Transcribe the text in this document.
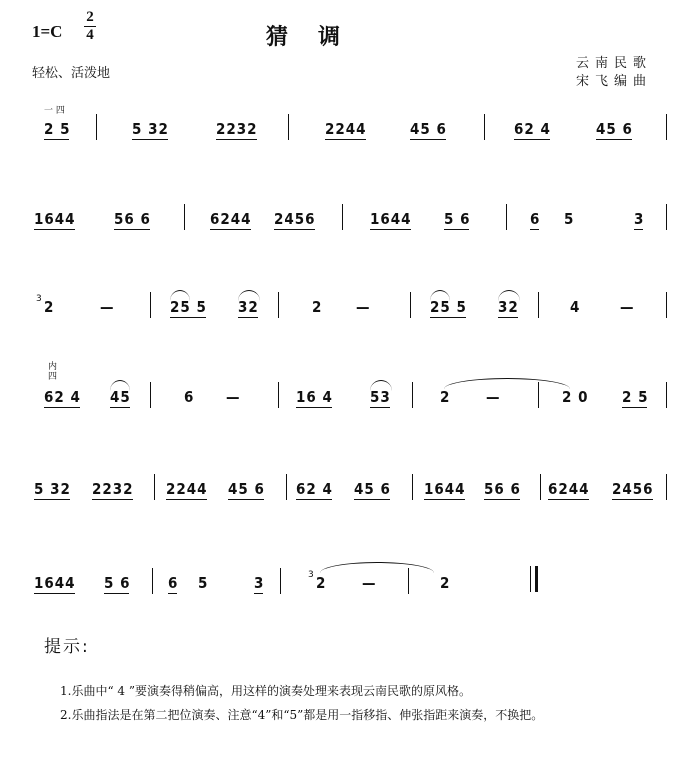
1=C
2
4	猜调
轻松、活泼地
云南民歌
宋飞编曲
一 四
2 5	5 32	2232	2244	45 6	62 4	45 6
1644	56 6	6244 2456	1644 5 6	6 5	3
3 2	—	25 5 32	2 —	25 5 32	4	—
内
四
62 4 45	6 —	16 4 53	2 —	2 0 2 5
5 32 2232 2244 45 6 62 4 45 6 1644 56 6 6244 2456
1644 5 6	6 5	3	3 2 —	2
提示:
1.乐曲中“ 4 ”要演奏得稍偏高，用这样的演奏处理来表现云南民歌的原风格。
2.乐曲指法是在第二把位演奏、注意“4”和“5”都是用一指移指、伸张指距来演奏，不换把。
